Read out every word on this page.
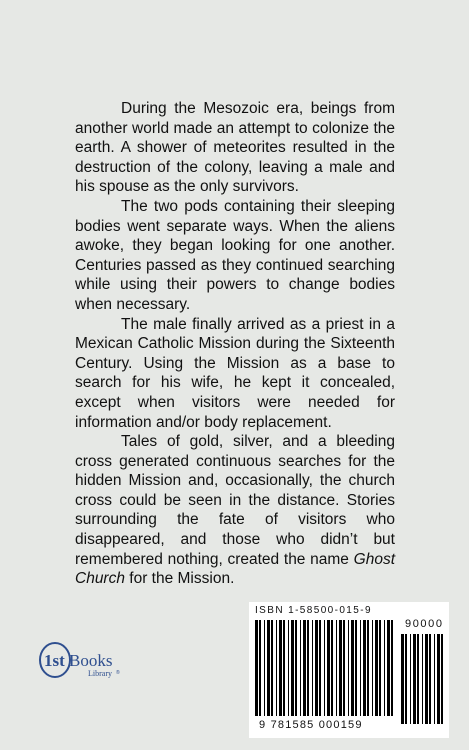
During the Mesozoic era, beings from another world made an attempt to colonize the earth. A shower of meteorites resulted in the destruction of the colony, leaving a male and his spouse as the only survivors.

The two pods containing their sleeping bodies went separate ways. When the aliens awoke, they began looking for one another. Centuries passed as they continued searching while using their powers to change bodies when necessary.

The male finally arrived as a priest in a Mexican Catholic Mission during the Sixteenth Century. Using the Mission as a base to search for his wife, he kept it concealed, except when visitors were needed for information and/or body replacement.

Tales of gold, silver, and a bleeding cross generated continuous searches for the hidden Mission and, occasionally, the church cross could be seen in the distance. Stories surrounding the fate of visitors who disappeared, and those who didn’t but remembered nothing, created the name Ghost Church for the Mission.

1st Books
Library ®
ISBN 1-58500-015-9
90000
9 781585 000159
